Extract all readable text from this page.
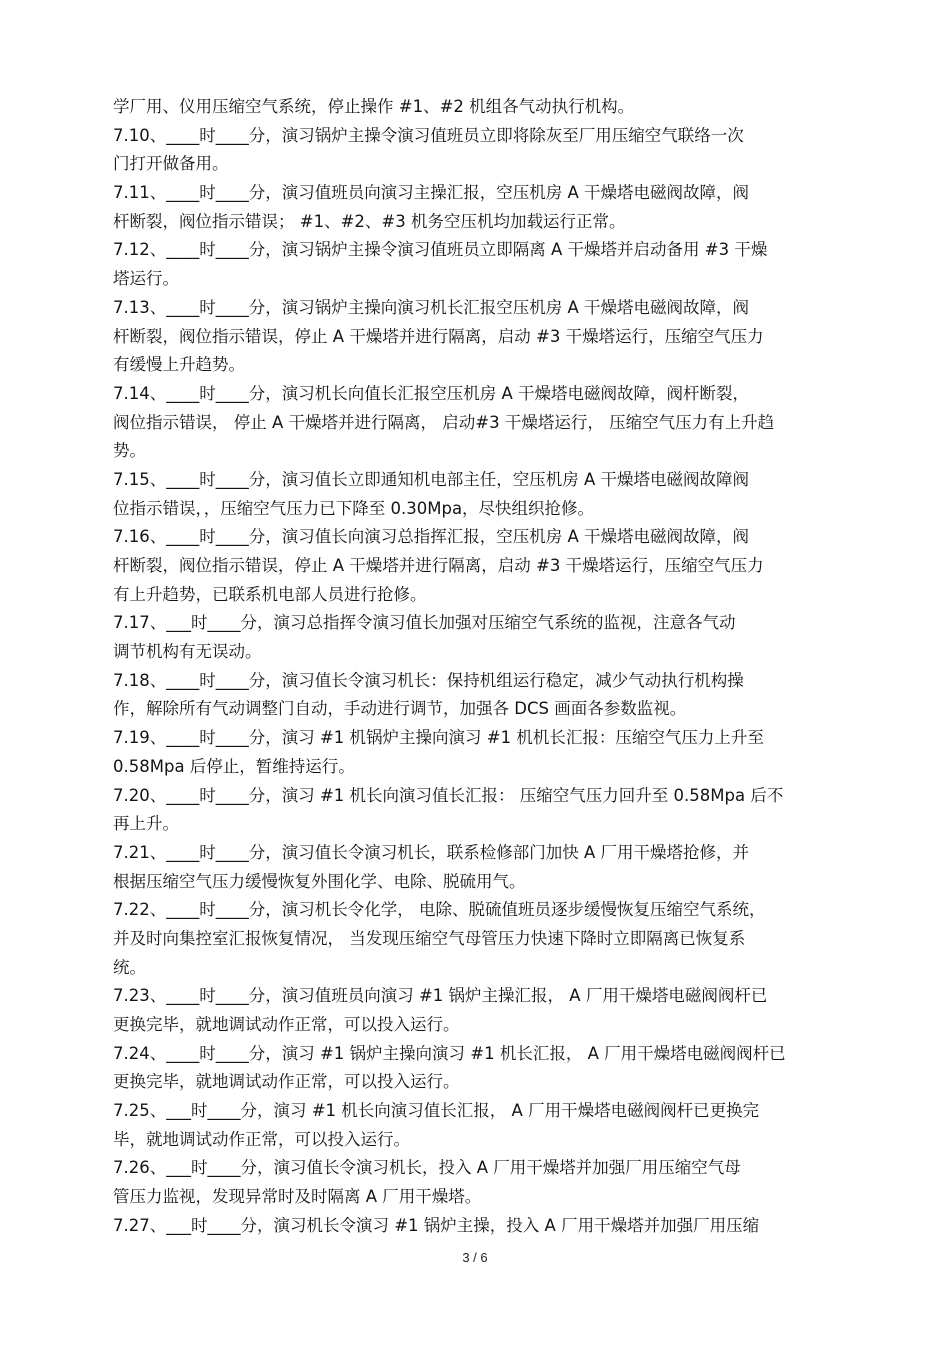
学厂用、仪用压缩空气系统，停止操作 #1、#2 机组各气动执行机构。
7.10、____时____分，演习锅炉主操令演习值班员立即将除灰至厂用压缩空气联络一次
门打开做备用。
7.11、____时____分，演习值班员向演习主操汇报，空压机房 A 干燥塔电磁阀故障，阀
杆断裂，阀位指示错误； #1、#2、#3 机务空压机均加载运行正常。
7.12、____时____分，演习锅炉主操令演习值班员立即隔离 A 干燥塔并启动备用 #3 干燥
塔运行。
7.13、____时____分，演习锅炉主操向演习机长汇报空压机房 A 干燥塔电磁阀故障，阀
杆断裂，阀位指示错误，停止 A 干燥塔并进行隔离，启动 #3 干燥塔运行，压缩空气压力
有缓慢上升趋势。
7.14、____时____分，演习机长向值长汇报空压机房 A 干燥塔电磁阀故障，阀杆断裂，
阀位指示错误， 停止 A 干燥塔并进行隔离， 启动#3 干燥塔运行， 压缩空气压力有上升趋
势。
7.15、____时____分，演习值长立即通知机电部主任，空压机房 A 干燥塔电磁阀故障阀
位指示错误，，压缩空气压力已下降至 0.30Mpa，尽快组织抢修。
7.16、____时____分，演习值长向演习总指挥汇报，空压机房 A 干燥塔电磁阀故障，阀
杆断裂，阀位指示错误，停止 A 干燥塔并进行隔离，启动 #3 干燥塔运行，压缩空气压力
有上升趋势，已联系机电部人员进行抢修。
7.17、___时____分，演习总指挥令演习值长加强对压缩空气系统的监视，注意各气动
调节机构有无误动。
7.18、____时____分，演习值长令演习机长：保持机组运行稳定，减少气动执行机构操
作，解除所有气动调整门自动，手动进行调节，加强各 DCS 画面各参数监视。
7.19、____时____分，演习 #1 机锅炉主操向演习 #1 机机长汇报：压缩空气压力上升至
0.58Mpa 后停止，暂维持运行。
7.20、____时____分，演习 #1 机长向演习值长汇报： 压缩空气压力回升至 0.58Mpa 后不
再上升。
7.21、____时____分，演习值长令演习机长，联系检修部门加快 A 厂用干燥塔抢修，并
根据压缩空气压力缓慢恢复外围化学、电除、脱硫用气。
7.22、____时____分，演习机长令化学， 电除、脱硫值班员逐步缓慢恢复压缩空气系统，
并及时向集控室汇报恢复情况， 当发现压缩空气母管压力快速下降时立即隔离已恢复系
统。
7.23、____时____分，演习值班员向演习 #1 锅炉主操汇报， A 厂用干燥塔电磁阀阀杆已
更换完毕，就地调试动作正常，可以投入运行。
7.24、____时____分，演习 #1 锅炉主操向演习 #1 机长汇报， A 厂用干燥塔电磁阀阀杆已
更换完毕，就地调试动作正常，可以投入运行。
7.25、___时____分，演习 #1 机长向演习值长汇报， A 厂用干燥塔电磁阀阀杆已更换完
毕，就地调试动作正常，可以投入运行。
7.26、___时____分，演习值长令演习机长，投入 A 厂用干燥塔并加强厂用压缩空气母
管压力监视，发现异常时及时隔离 A 厂用干燥塔。
7.27、___时____分，演习机长令演习 #1 锅炉主操，投入 A 厂用干燥塔并加强厂用压缩
3 / 6
